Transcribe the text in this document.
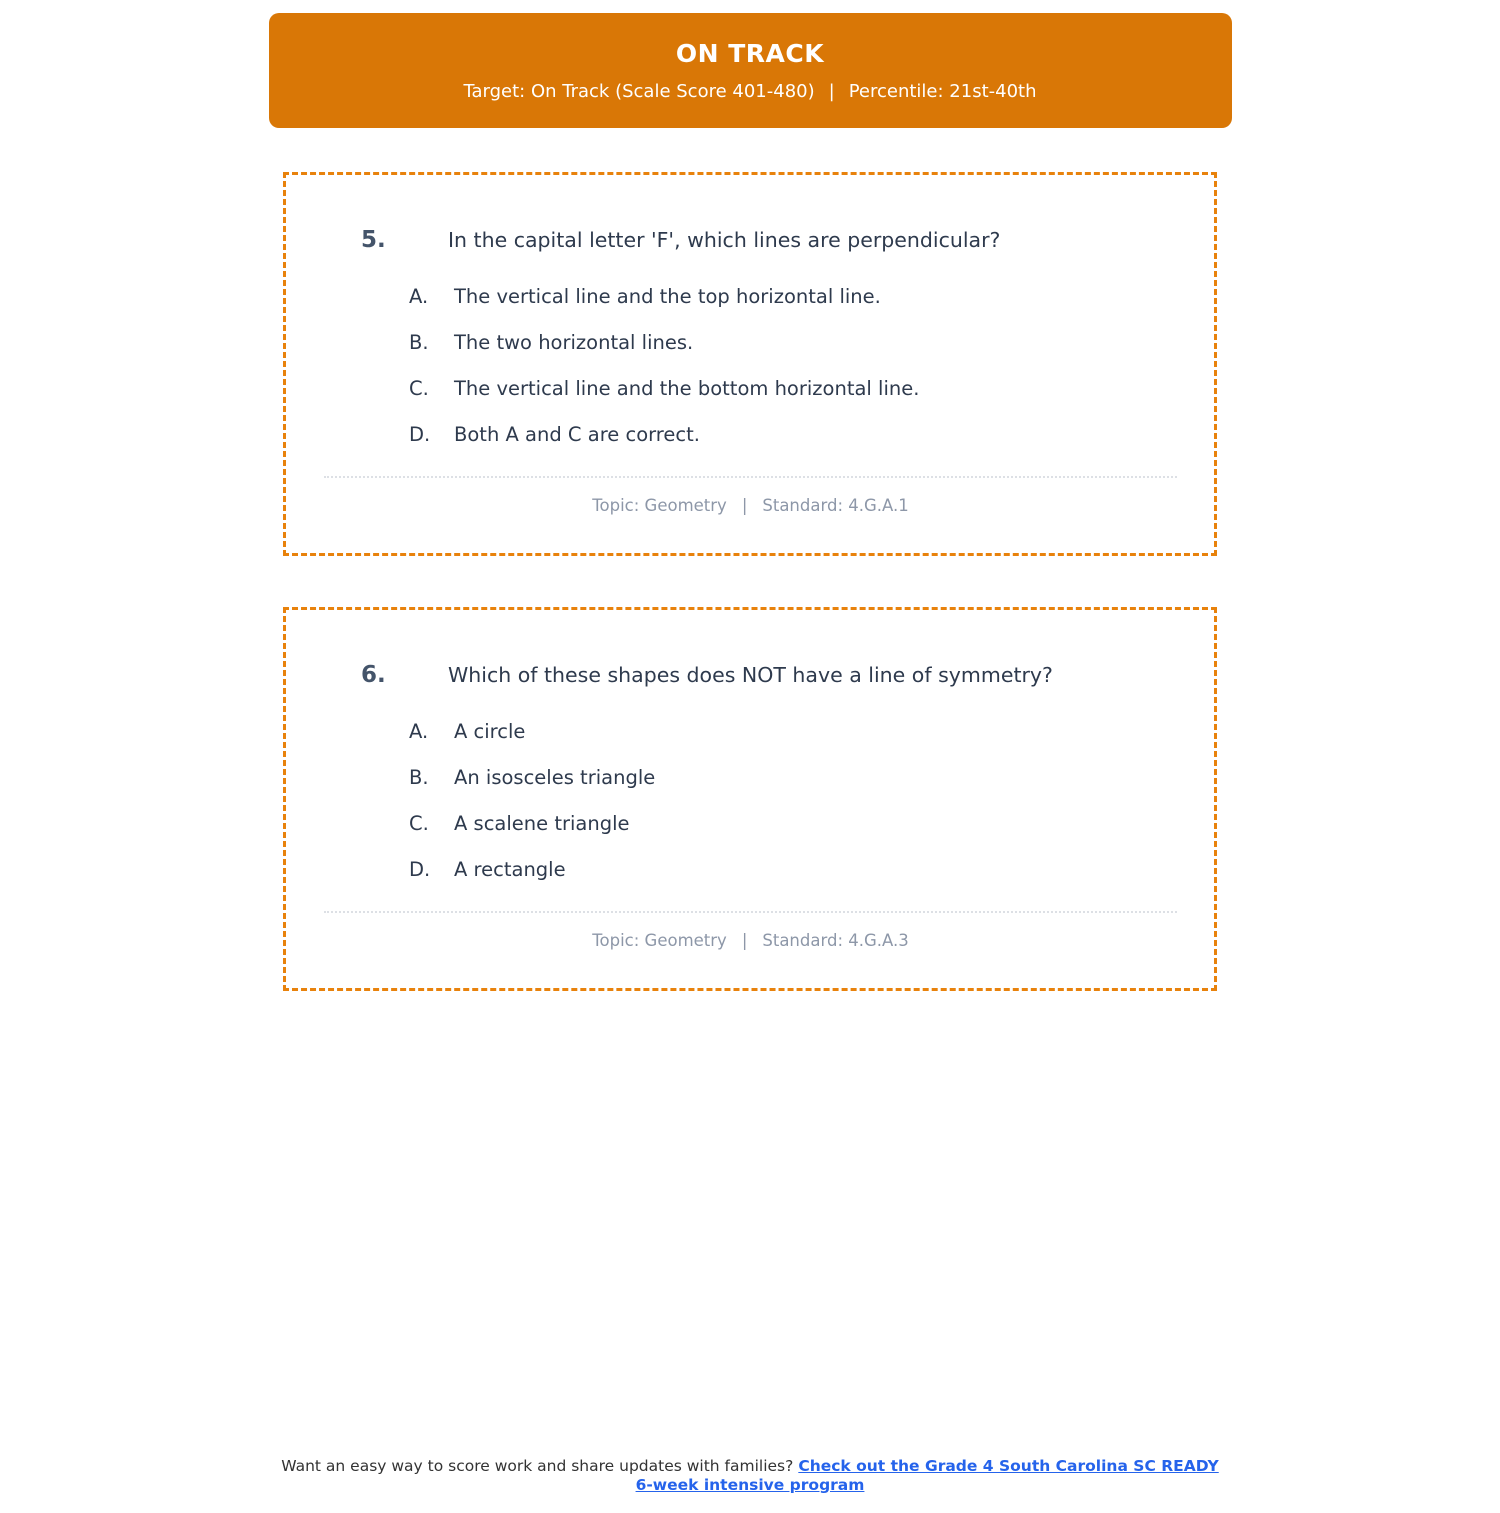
ON TRACK
Target: On Track (Scale Score 401-480) | Percentile: 21st-40th
5.	In the capital letter 'F', which lines are perpendicular?
A.	The vertical line and the top horizontal line.
B.	The two horizontal lines.
C.	The vertical line and the bottom horizontal line.
D.	Both A and C are correct.
Topic: Geometry | Standard: 4.G.A.1
6.	Which of these shapes does NOT have a line of symmetry?
A.	A circle
B.	An isosceles triangle
C.	A scalene triangle
D.	A rectangle
Topic: Geometry | Standard: 4.G.A.3
Want an easy way to score work and share updates with families? Check out the Grade 4 South Carolina SC READY 6-week intensive program
